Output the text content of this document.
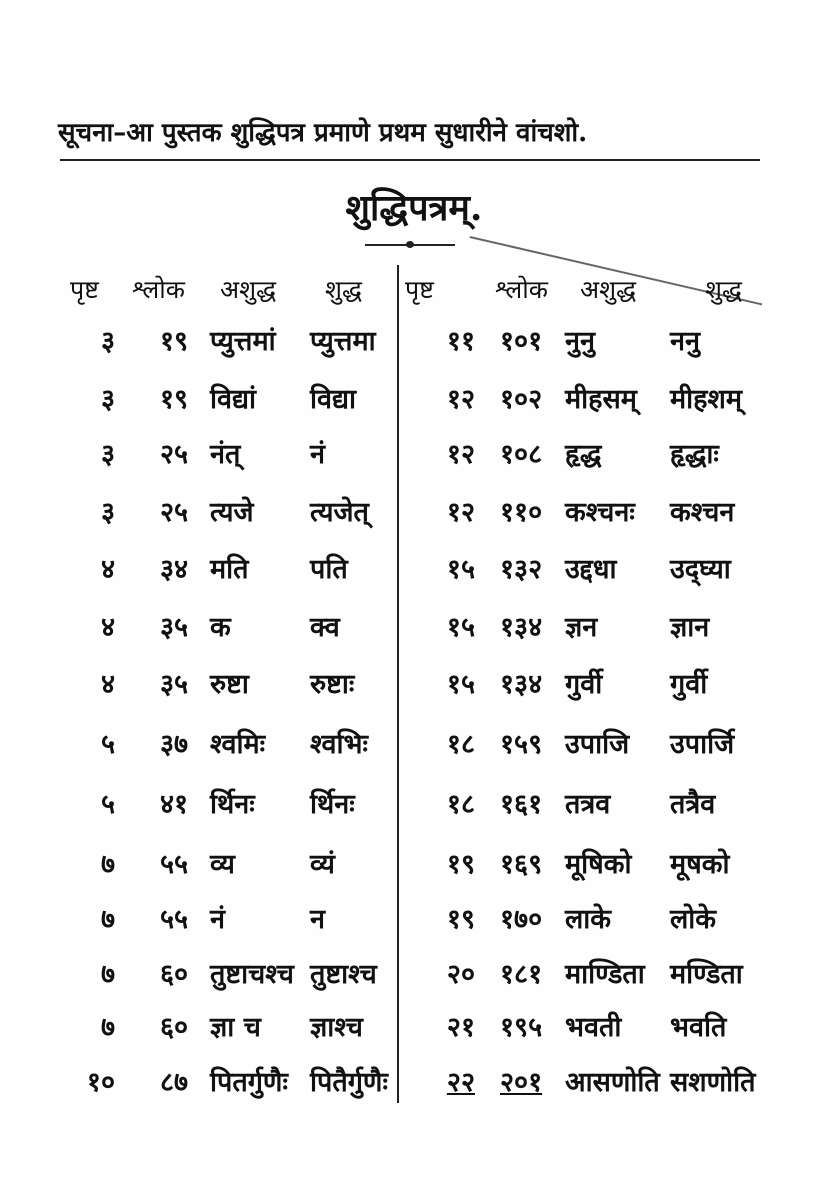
सूचना–आ पुस्तक शुद्धिपत्र प्रमाणे प्रथम सुधारीने वांचशो.
शुद्धिपत्रम्.
पृष्ट श्लोक अशुद्ध शुद्ध
३ १९ प्युत्तमां प्युत्तमा
३ १९ विद्यां विद्या
३ २५ नंत्	नं
३ २५ त्यजे त्यजेत्
४ ३४ मति पति
४ ३५ क	क्व
४ ३५ रुष्टा रुष्टाः
५ ३७ श्वमिः श्वभिः
५ ४१ र्थिनः र्थिनः
७ ५५ व्य	व्यं
७ ५५ नं	न
७ ६० तुष्टाचश्च तुष्टाश्च
७ ६० ज्ञा च ज्ञाश्च
१० ८७ पितर्गुणैः पितैर्गुणैः
पृष्ट श्लोक अशुद्ध	शुद्ध
११ १०१ नुनु	ननु
१२ १०२ मीहसम् मीहशम्
१२ १०८ हृद्ध	हृद्धाः
१२ ११० कश्चनः कश्चन
१५ १३२ उद्दधा उद्घ्या
१५ १३४ ज्ञन	ज्ञान
१५ १३४ गुर्वी	गुर्वी
१८ १५९ उपाजि उपार्जि
१८ १६१ तत्रव तत्रैव
१९ १६९ मूषिको मूषको
१९ १७० लाके लोके
२० १८१ माण्डिता मण्डिता
२१ १९५ भवती भवति
२२ २०१ आसणोति सशणोति
